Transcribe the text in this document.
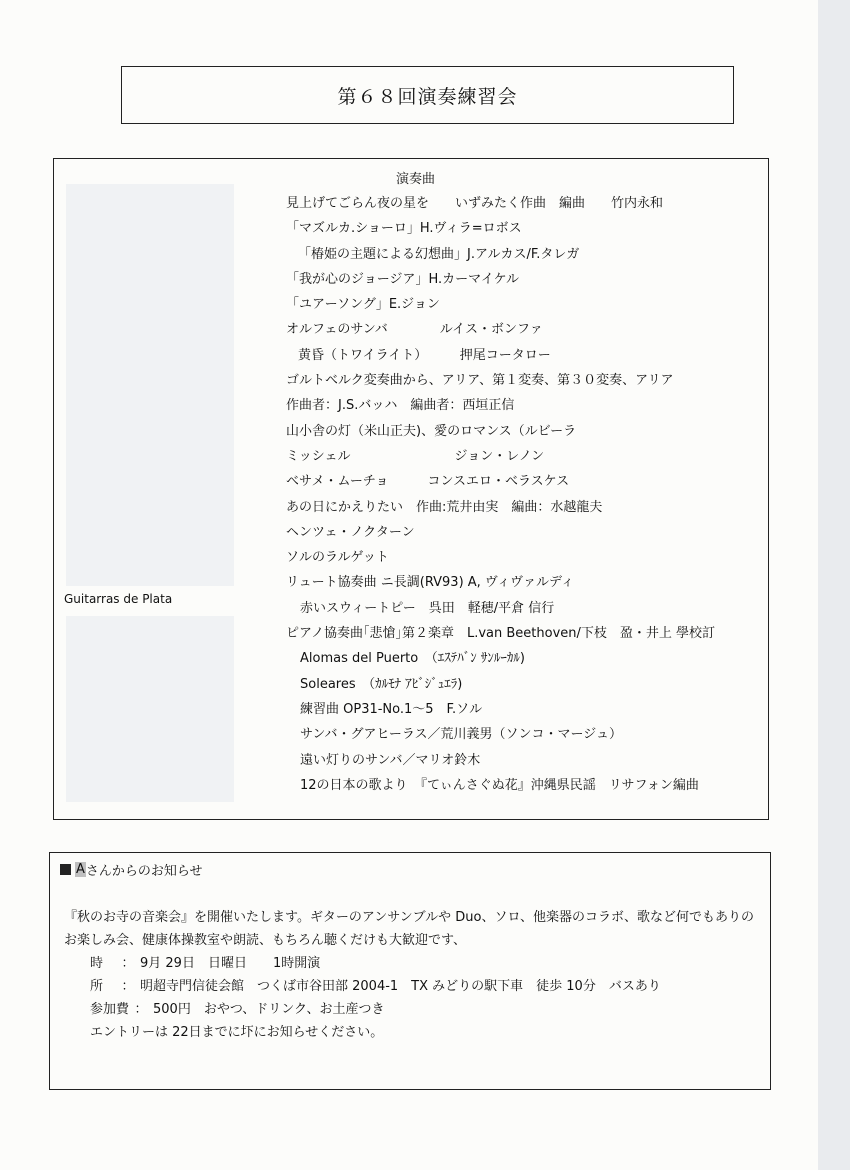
第６８回演奏練習会
Guitarras de Plata
演奏曲
見上げてごらん夜の星を　　いずみたく作曲　編曲　　竹内永和
「マズルカ.ショーロ」H.ヴィラ=ロボス
「椿姫の主題による幻想曲」J.アルカス/F.タレガ
「我が心のジョージア」H.カーマイケル
「ユアーソング」E.ジョン
オルフェのサンバ　　　　ルイス・ボンファ
黄昏（トワイライト）　　　押尾コータロー
ゴルトベルク変奏曲から、アリア、第１変奏、第３０変奏、アリア
作曲者：J.S.バッハ　編曲者：西垣正信
山小舎の灯（米山正夫)、愛のロマンス（ルビーラ
ミッシェル　　　　　　　　ジョン・レノン
ベサメ・ムーチョ　　　コンスエロ・ベラスケス
あの日にかえりたい　作曲:荒井由実　編曲：水越龍夫
ヘンツェ・ノクターン
ソルのラルゲット
リュート協奏曲 ニ長調(RV93) A, ヴィヴァルディ
赤いスウィートピー　呉田　軽穂/平倉 信行
ピアノ協奏曲｢悲愴｣第２楽章　L.van Beethoven/下枝　盈・井上 學校訂
Alomas del Puerto　（ｴｽﾃﾊﾞﾝ ｻﾝﾙｰｶﾙ)
Soleares　（ｶﾙﾓﾅ ｱﾋﾞｼﾞｭｴﾗ)
練習曲 OP31-No.1～5　F.ソル
サンバ・グアヒーラス／荒川義男（ソンコ・マージュ）
遠い灯りのサンバ／マリオ鈴木
12の日本の歌より　『てぃんさぐぬ花』沖縄県民謡　リサフォン編曲
A さんからのお知らせ

『秋のお寺の音楽会』を開催いたします。ギターのアンサンブルや Duo、ソロ、他楽器のコラボ、歌など何でもありのお楽しみ会、健康体操教室や朗読、もちろん聴くだけも大歓迎です、

時 ： 9月 29日　日曜日　　1時開演

所 ： 明超寺門信徒会館　つくば市谷田部 2004-1　TX みどりの駅下車　徒歩 10分　バスあり

参加費 ： 500円　おやつ、ドリンク、お土産つき

エントリーは 22日までに圷にお知らせください。
